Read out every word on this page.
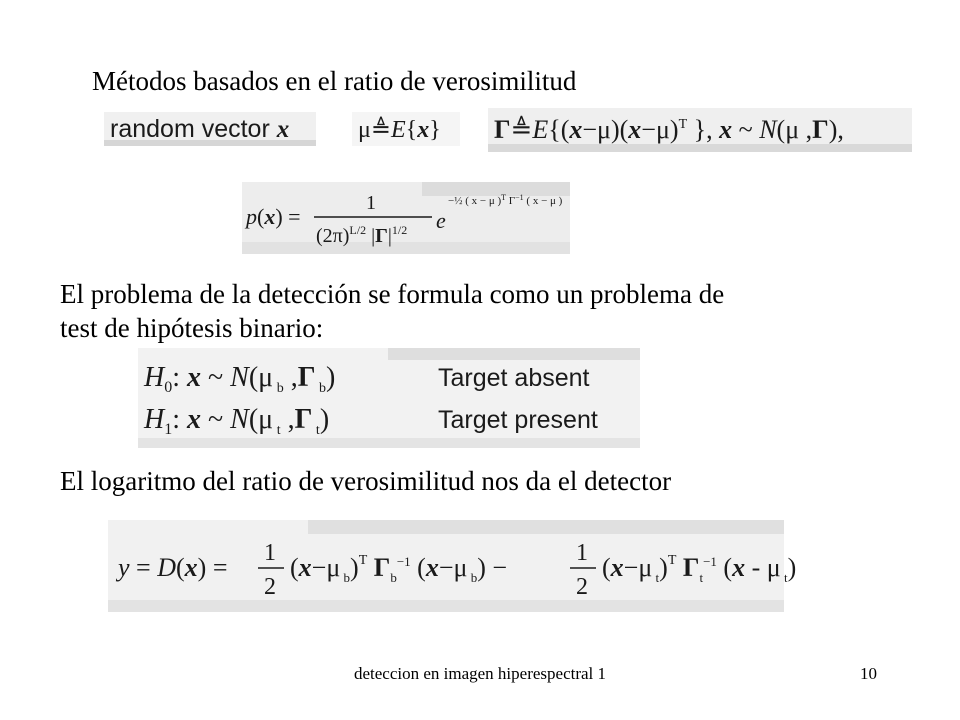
Métodos basados en el ratio de verosimilitud
random vector x	μ≜E{x} $\Gamma≜E\{(x-\mu)(x-\mu)^T$ }, x ~ N(μ ,Γ),
p(x) =
1
$(2\pi)^{L/2}$ $|\Gamma|^{1/2}$ e
−½ ( x − μ )$^T$ $\Gamma^{-1}$ ( x − μ )
El problema de la detección se formula como un problema de
test de hipótesis binario:
$H_0$: x ~ N(μ $_b$ ,Γ $_b$)	Target absent
$H_1$: x ~ N(μ $_t$ ,Γ $_t$)	Target present
El logaritmo del ratio de verosimilitud nos da el detector
y = D(x) = 1
2
(x−μ $_b$)$^T$ $\Gamma_b^{-1}$ (x−μ $_b$) −	1
2
(x−μ $_t$)$^T$ $\Gamma_t^{-1}$ (x - μ $_t$)
deteccion en imagen hiperespectral 1	10
